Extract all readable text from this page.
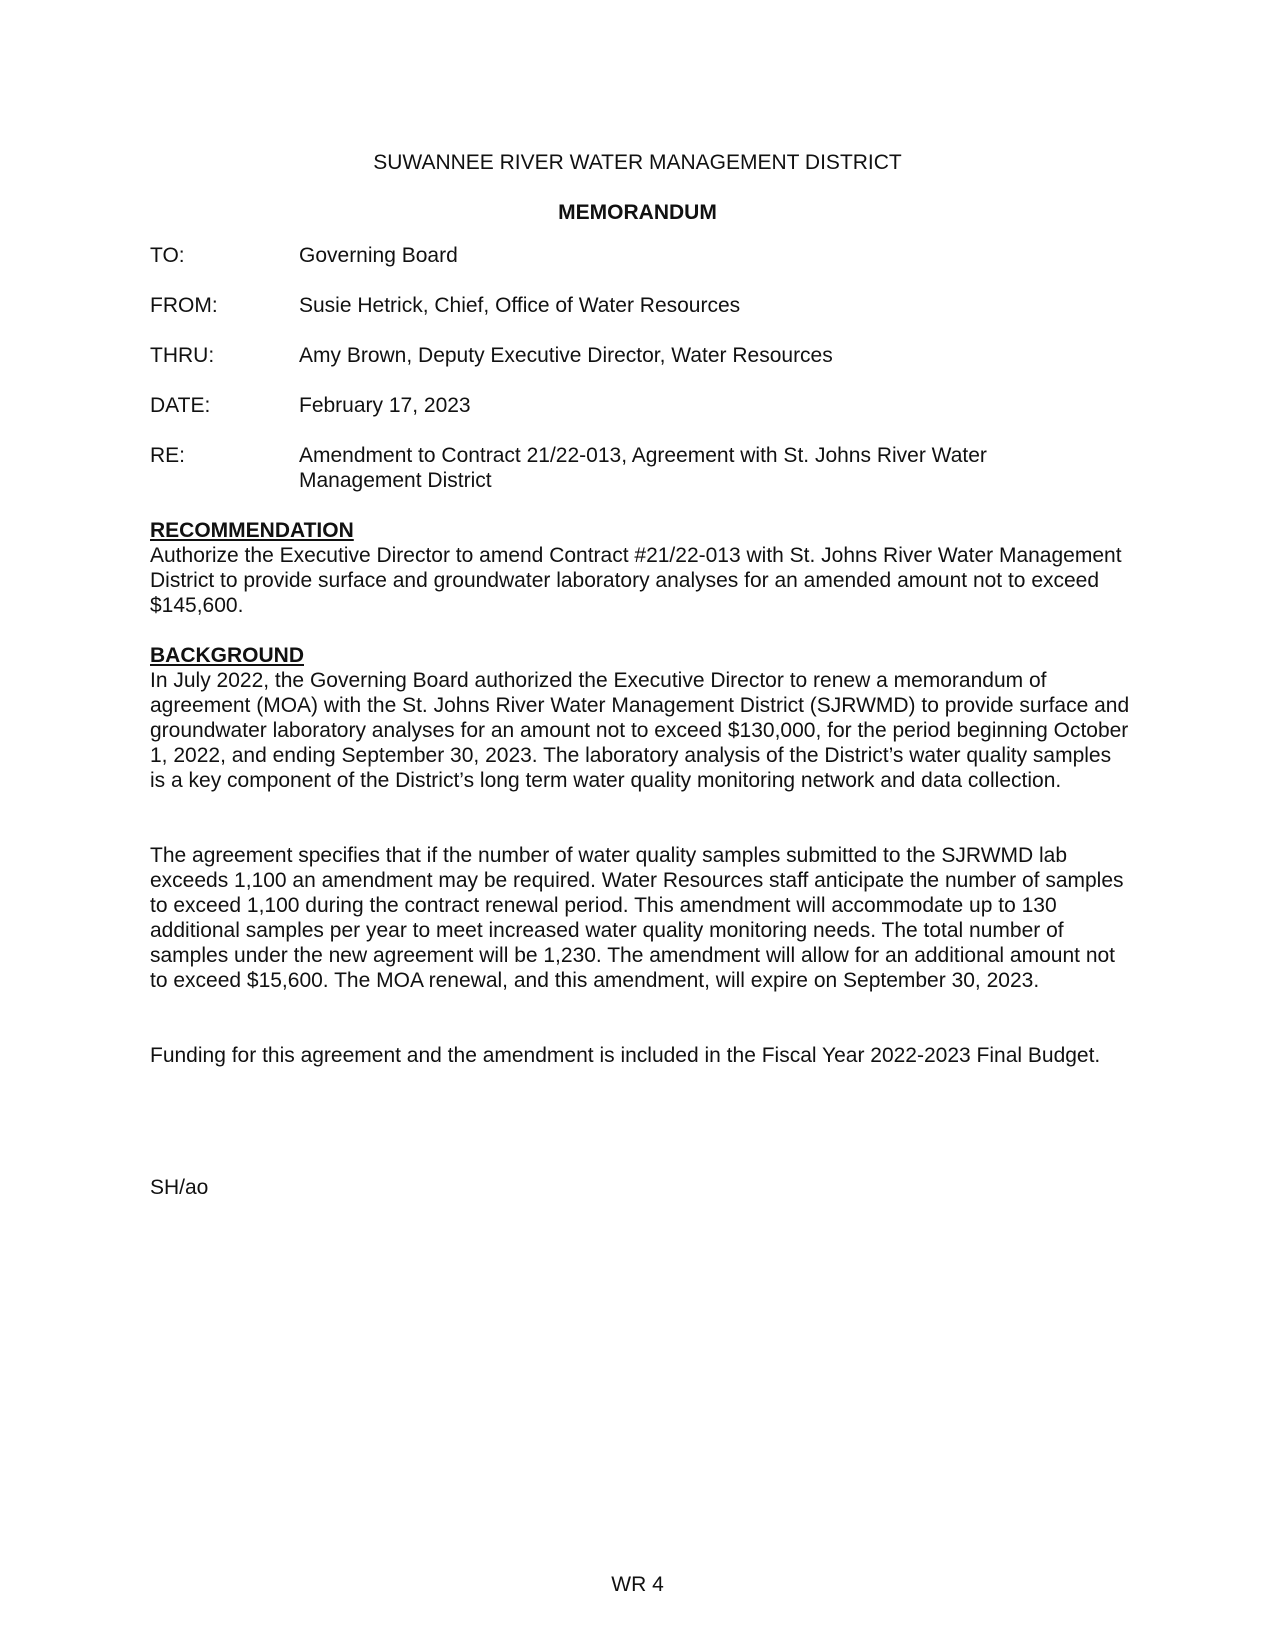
SUWANNEE RIVER WATER MANAGEMENT DISTRICT
MEMORANDUM
TO:	Governing Board
FROM:	Susie Hetrick, Chief, Office of Water Resources
THRU:	Amy Brown, Deputy Executive Director, Water Resources
DATE:	February 17, 2023
RE:	Amendment to Contract 21/22-013, Agreement with St. Johns River Water Management District

RECOMMENDATION

Authorize the Executive Director to amend Contract #21/22-013 with St. Johns River Water Management District to provide surface and groundwater laboratory analyses for an amended amount not to exceed $145,600.

BACKGROUND

In July 2022, the Governing Board authorized the Executive Director to renew a memorandum of agreement (MOA) with the St. Johns River Water Management District (SJRWMD) to provide surface and groundwater laboratory analyses for an amount not to exceed $130,000, for the period beginning October 1, 2022, and ending September 30, 2023. The laboratory analysis of the District’s water quality samples is a key component of the District’s long term water quality monitoring network and data collection.

The agreement specifies that if the number of water quality samples submitted to the SJRWMD lab exceeds 1,100 an amendment may be required. Water Resources staff anticipate the number of samples to exceed 1,100 during the contract renewal period. This amendment will accommodate up to 130 additional samples per year to meet increased water quality monitoring needs. The total number of samples under the new agreement will be 1,230. The amendment will allow for an additional amount not to exceed $15,600. The MOA renewal, and this amendment, will expire on September 30, 2023.
Funding for this agreement and the amendment is included in the Fiscal Year 2022-2023 Final Budget.
SH/ao
WR 4
